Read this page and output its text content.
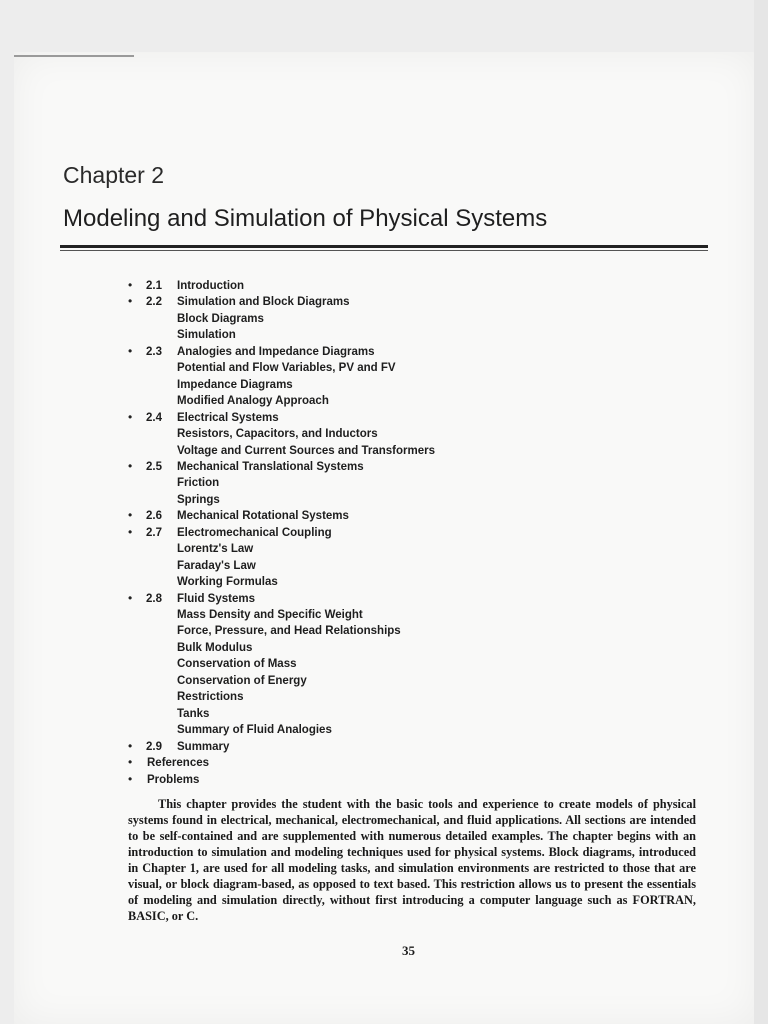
Chapter 2
Modeling and Simulation of Physical Systems
• 2.1 Introduction
• 2.2 Simulation and Block Diagrams
Block Diagrams
Simulation
• 2.3 Analogies and Impedance Diagrams
Potential and Flow Variables, PV and FV
Impedance Diagrams
Modified Analogy Approach
• 2.4 Electrical Systems
Resistors, Capacitors, and Inductors
Voltage and Current Sources and Transformers
• 2.5 Mechanical Translational Systems
Friction
Springs
• 2.6 Mechanical Rotational Systems
• 2.7 Electromechanical Coupling
Lorentz's Law
Faraday's Law
Working Formulas
• 2.8 Fluid Systems
Mass Density and Specific Weight
Force, Pressure, and Head Relationships
Bulk Modulus
Conservation of Mass
Conservation of Energy
Restrictions
Tanks
Summary of Fluid Analogies
• 2.9 Summary
• References
• Problems
This chapter provides the student with the basic tools and experience to create models of physical systems found in electrical, mechanical, electromechanical, and fluid applications. All sections are intended to be self-contained and are supplemented with numerous detailed examples. The chapter begins with an introduction to simulation and modeling techniques used for physical systems. Block diagrams, introduced in Chapter 1, are used for all modeling tasks, and simulation environments are restricted to those that are visual, or block diagram-based, as opposed to text based. This restriction allows us to present the essentials of modeling and simulation directly, without first introducing a computer language such as FORTRAN, BASIC, or C.
35
